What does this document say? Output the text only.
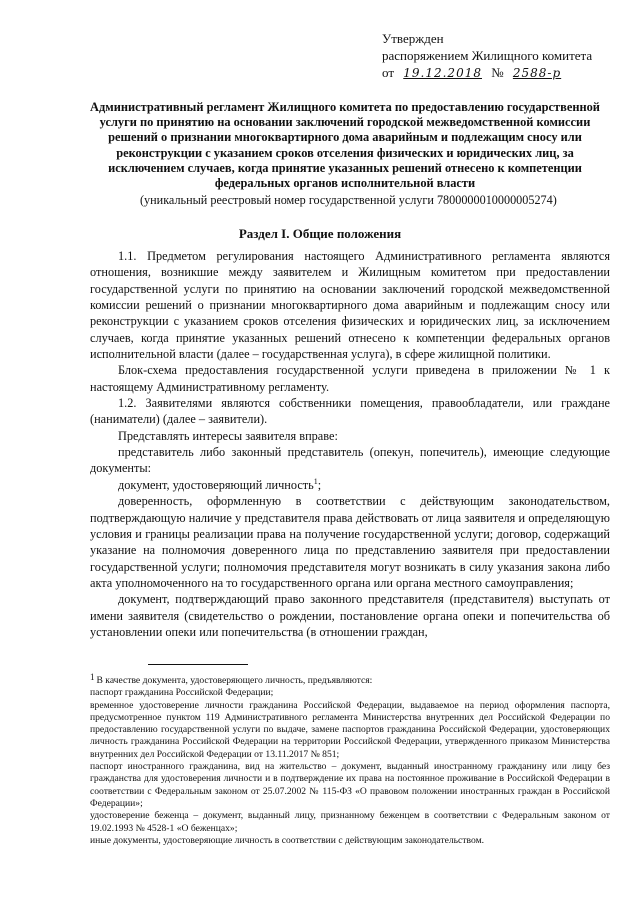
Утвержден
распоряжением Жилищного комитета
от 19.12.2018 № 2588-р
Административный регламент Жилищного комитета по предоставлению государственной услуги по принятию на основании заключений городской межведомственной комиссии решений о признании многоквартирного дома аварийным и подлежащим сносу или реконструкции с указанием сроков отселения физических и юридических лиц, за исключением случаев, когда принятие указанных решений отнесено к компетенции федеральных органов исполнительной власти
(уникальный реестровый номер государственной услуги 7800000010000005274)
Раздел I. Общие положения

1.1. Предметом регулирования настоящего Административного регламента являются отношения, возникшие между заявителем и Жилищным комитетом при предоставлении государственной услуги по принятию на основании заключений городской межведомственной комиссии решений о признании многоквартирного дома аварийным и подлежащим сносу или реконструкции с указанием сроков отселения физических и юридических лиц, за исключением случаев, когда принятие указанных решений отнесено к компетенции федеральных органов исполнительной власти (далее – государственная услуга), в сфере жилищной политики.

Блок-схема предоставления государственной услуги приведена в приложении № 1 к настоящему Административному регламенту.

1.2. Заявителями являются собственники помещения, правообладатели, или граждане (наниматели) (далее – заявители).

Представлять интересы заявителя вправе:

представитель либо законный представитель (опекун, попечитель), имеющие следующие документы:

документ, удостоверяющий личность$^1$;

доверенность, оформленную в соответствии с действующим законодательством, подтверждающую наличие у представителя права действовать от лица заявителя и определяющую условия и границы реализации права на получение государственной услуги; договор, содержащий указание на полномочия доверенного лица по представлению заявителя при предоставлении государственной услуги; полномочия представителя могут возникать в силу указания закона либо акта уполномоченного на то государственного органа или органа местного самоуправления;

документ, подтверждающий право законного представителя (представителя) выступать от имени заявителя (свидетельство о рождении, постановление органа опеки и попечительства об установлении опеки или попечительства (в отношении граждан,

1 В качестве документа, удостоверяющего личность, предъявляются:

паспорт гражданина Российской Федерации;

временное удостоверение личности гражданина Российской Федерации, выдаваемое на период оформления паспорта, предусмотренное пунктом 119 Административного регламента Министерства внутренних дел Российской Федерации по предоставлению государственной услуги по выдаче, замене паспортов гражданина Российской Федерации, удостоверяющих личность гражданина Российской Федерации на территории Российской Федерации, утвержденного приказом Министерства внутренних дел Российской Федерации от 13.11.2017 № 851;

паспорт иностранного гражданина, вид на жительство – документ, выданный иностранному гражданину или лицу без гражданства для удостоверения личности и в подтверждение их права на постоянное проживание в Российской Федерации в соответствии с Федеральным законом от 25.07.2002 № 115-ФЗ «О правовом положении иностранных граждан в Российской Федерации»;

удостоверение беженца – документ, выданный лицу, признанному беженцем в соответствии с Федеральным законом от 19.02.1993 № 4528-1 «О беженцах»;

иные документы, удостоверяющие личность в соответствии с действующим законодательством.
